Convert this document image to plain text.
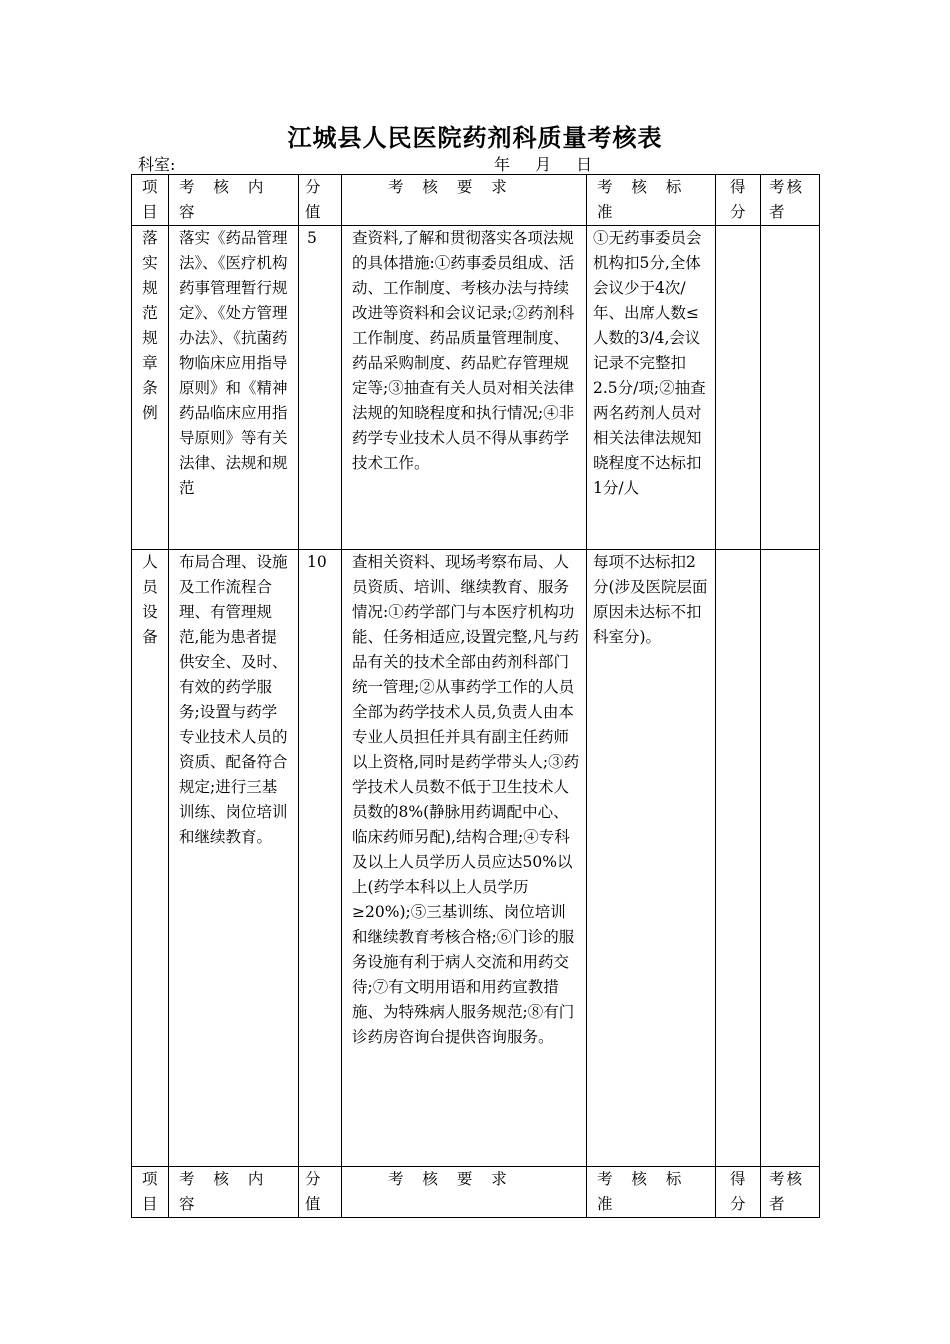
江城县人民医院药剂科质量考核表
科室:	年 月 日
项目	考 核 内 容	分值	考 核 要 求	考 核 标 准	得分	考核者

落实规范规章条例	落实《药品管理法》、《医疗机构药事管理暂行规定》、《处方管理办法》、《抗菌药物临床应用指导原则》和《精神药品临床应用指导原则》等有关法律、法规和规范	5	查资料,了解和贯彻落实各项法规的具体措施:①药事委员组成、活动、工作制度、考核办法与持续改进等资料和会议记录;②药剂科工作制度、药品质量管理制度、药品采购制度、药品贮存管理规定等;③抽查有关人员对相关法律法规的知晓程度和执行情况;④非药学专业技术人员不得从事药学技术工作。	①无药事委员会机构扣5分,全体会议少于4次/年、出席人数≤人数的3/4,会议记录不完整扣2.5分/项;②抽查两名药剂人员对相关法律法规知晓程度不达标扣1分/人		

人员设备	布局合理、设施及工作流程合理、有管理规范,能为患者提供安全、及时、有效的药学服务;设置与药学专业技术人员的资质、配备符合规定;进行三基训练、岗位培训和继续教育。	10	查相关资料、现场考察布局、人员资质、培训、继续教育、服务情况:①药学部门与本医疗机构功能、任务相适应,设置完整,凡与药品有关的技术全部由药剂科部门统一管理;②从事药学工作的人员全部为药学技术人员,负责人由本专业人员担任并具有副主任药师以上资格,同时是药学带头人;③药学技术人员数不低于卫生技术人员数的8%(静脉用药调配中心、临床药师另配),结构合理;④专科及以上人员学历人员应达50%以上(药学本科以上人员学历≥20%);⑤三基训练、岗位培训和继续教育考核合格;⑥门诊的服务设施有利于病人交流和用药交待;⑦有文明用语和用药宣教措施、为特殊病人服务规范;⑧有门诊药房咨询台提供咨询服务。	每项不达标扣2分(涉及医院层面原因未达标不扣科室分)。		

项目	考 核 内 容	分值	考 核 要 求	考 核 标 准	得分	考核者
